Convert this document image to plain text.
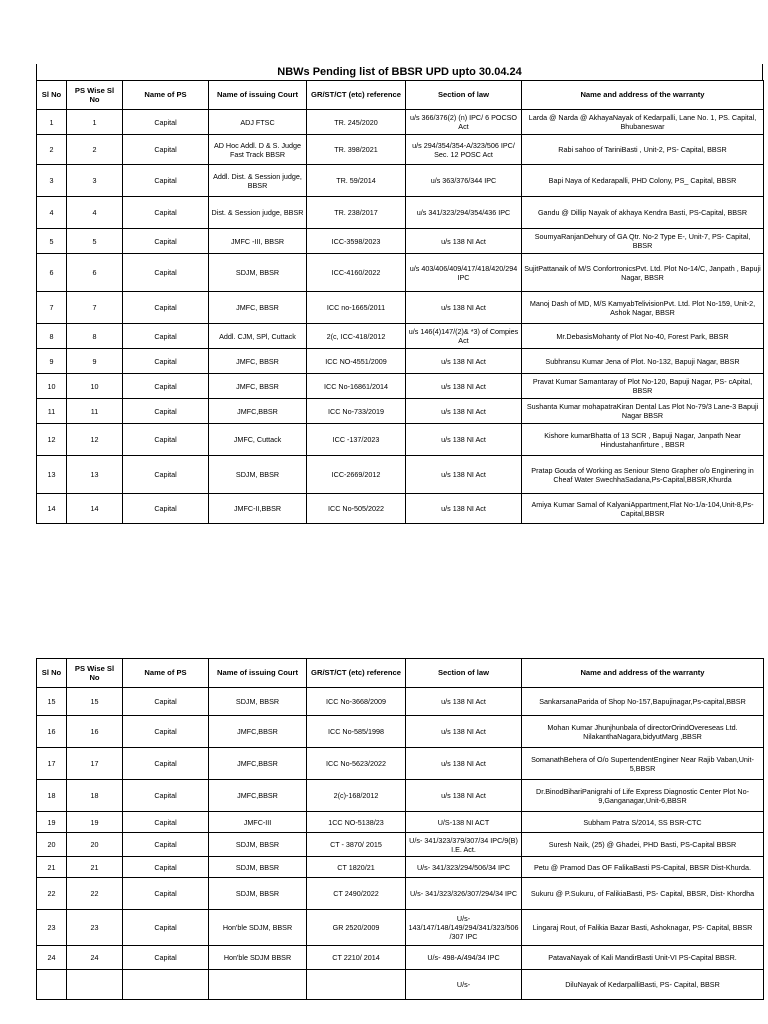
NBWs Pending list of BBSR UPD upto 30.04.24
Sl No	PS Wise Sl No	Name of PS	Name of issuing Court	GR/ST/CT (etc) reference	Section of law	Name and address of the warranty
1	1	Capital	ADJ FTSC	TR. 245/2020	u/s 366/376(2) (n) IPC/ 6 POCSO Act	Larda @ Narda @ AkhayaNayak of Kedarpalli, Lane No. 1, PS. Capital, Bhubaneswar
2	2	Capital	AD Hoc Addl. D & S. Judge Fast Track BBSR	TR. 398/2021	u/s 294/354/354-A/323/506 IPC/ Sec. 12 POSC Act	Rabi sahoo of TariniBasti , Unit-2, PS- Capital, BBSR
3	3	Capital	Addl. Dist. & Session judge, BBSR	TR. 59/2014	u/s 363/376/344 IPC	Bapi Naya of Kedarapalli, PHD Colony, PS_ Capital, BBSR
4	4	Capital	Dist. & Session judge, BBSR	TR. 238/2017	u/s 341/323/294/354/436 IPC	Gandu @ Dillip Nayak of akhaya Kendra Basti, PS-Capital, BBSR
5	5	Capital	JMFC -III, BBSR	ICC-3598/2023	u/s 138 NI Act	SoumyaRanjanDehury of GA Qtr. No-2 Type E-, Unit-7, PS- Capital, BBSR
6	6	Capital	SDJM, BBSR	ICC-4160/2022	u/s 403/406/409/417/418/420/294 IPC	SujitPattanaik of M/S ConfortronicsPvt. Ltd. Plot No-14/C, Janpath , Bapuji Nagar, BBSR
7	7	Capital	JMFC, BBSR	ICC no-1665/2011	u/s 138 NI Act	Manoj Dash of MD, M/S KamyabTelivisionPvt. Ltd. Plot No-159, Unit-2, Ashok Nagar, BBSR
8	8	Capital	Addl. CJM, SPl, Cuttack	2(c, ICC-418/2012	u/s 146(4)147/(2)& *3) of Compies Act	Mr.DebasisMohanty of Plot No-40, Forest Park, BBSR
9	9	Capital	JMFC, BBSR	ICC NO-4551/2009	u/s 138 NI Act	Subhransu Kumar Jena of Plot. No-132, Bapuji Nagar, BBSR
10	10	Capital	JMFC, BBSR	ICC No-16861/2014	u/s 138 NI Act	Pravat Kumar Samantaray of Plot No-120, Bapuji Nagar, PS- cApital, BBSR
11	11	Capital	JMFC,BBSR	ICC No-733/2019	u/s 138 NI Act	Sushanta Kumar mohapatraKiran Dental Las Plot No-79/3 Lane-3 Bapuji Nagar BBSR
12	12	Capital	JMFC, Cuttack	ICC -137/2023	u/s 138 NI Act	Kishore kumarBhatta of 13 SCR , Bapuji Nagar, Janpath Near Hindustahanfirture , BBSR
13	13	Capital	SDJM, BBSR	ICC-2669/2012	u/s 138 NI Act	Pratap Gouda of Working as Seniour Steno Grapher o/o Enginering in Cheaf Water SwechhaSadana,Ps-Capital,BBSR,Khurda
14	14	Capital	JMFC-II,BBSR	ICC No-505/2022	u/s 138 NI Act	Amiya Kumar Samal of KalyaniAppartment,Flat No-1/a-104,Unit-8,Ps-Capital,BBSR
Sl No	PS Wise Sl No	Name of PS	Name of issuing Court	GR/ST/CT (etc) reference	Section of law	Name and address of the warranty
15	15	Capital	SDJM, BBSR	ICC No-3668/2009	u/s 138 NI Act	SankarsanaParida of Shop No-157,Bapujinagar,Ps-capital,BBSR
16	16	Capital	JMFC,BBSR	ICC No-585/1998	u/s 138 NI Act	Mohan Kumar Jhunjhunbala of directorOrindOvereseas Ltd. NilakanthaNagara,bidyutMarg ,BBSR
17	17	Capital	JMFC,BBSR	ICC No-5623/2022	u/s 138 NI Act	SomanathBehera of O/o SupertendentEnginer Near Rajib Vaban,Unit-5,BBSR
18	18	Capital	JMFC,BBSR	2(c)-168/2012	u/s 138 NI Act	Dr.BinodBihariPanigrahi of Life Express Diagnostic Center Plot No-9,Ganganagar,Unit-6,BBSR
19	19	Capital	JMFC-III	1CC NO-5138/23	U/S-138 NI ACT	Subham Patra S/2014, SS BSR-CTC
20	20	Capital	SDJM, BBSR	CT - 3870/ 2015	U/s- 341/323/379/307/34 IPC/9(B) I.E. Act.	Suresh Naik, (25) @ Ghadei, PHD Basti, PS-Capital BBSR
21	21	Capital	SDJM, BBSR	CT 1820/21	U/s- 341/323/294/506/34 IPC	Petu @ Pramod Das OF FalikaBasti PS-Capital, BBSR Dist-Khurda.
22	22	Capital	SDJM, BBSR	CT 2490/2022	U/s- 341/323/326/307/294/34 IPC	Sukuru @ P.Sukuru, of FalikiaBasti, PS- Capital, BBSR, Dist- Khordha
23	23	Capital	Hon'ble SDJM, BBSR	GR 2520/2009	U/s- 143/147/148/149/294/341/323/506/307 IPC	Lingaraj Rout, of Falikia Bazar Basti, Ashoknagar, PS- Capital, BBSR
24	24	Capital	Hon'ble SDJM BBSR	CT 2210/ 2014	U/s- 498-A/494/34 IPC	PatavaNayak of Kali MandirBasti Unit-VI PS-Capital BBSR.
					U/s-	DiluNayak of KedarpalliBasti, PS- Capital, BBSR
